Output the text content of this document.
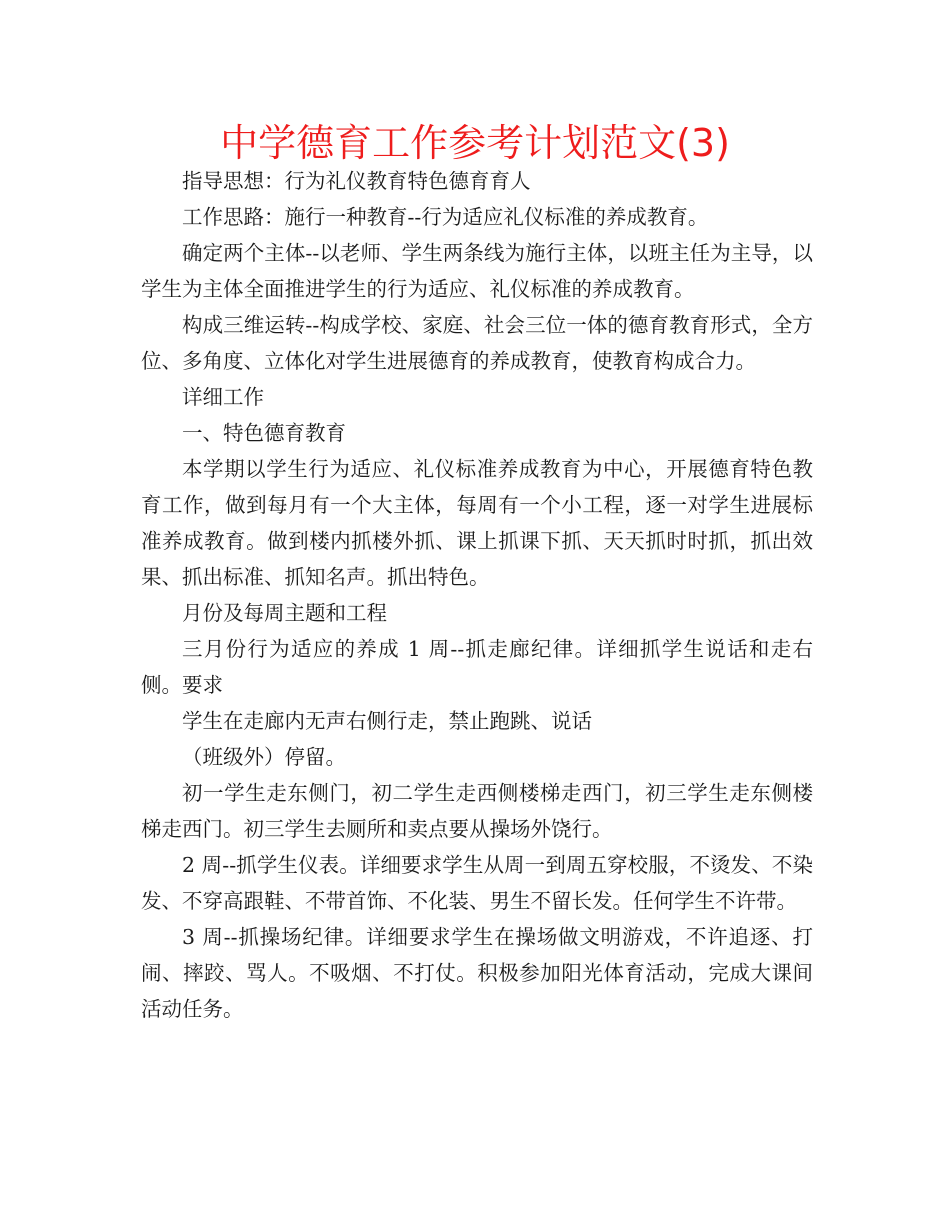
中学德育工作参考计划范文(3)

指导思想：行为礼仪教育特色德育育人

工作思路：施行一种教育--行为适应礼仪标准的养成教育。

确定两个主体--以老师、学生两条线为施行主体，以班主任为主导，以学生为主体全面推进学生的行为适应、礼仪标准的养成教育。

构成三维运转--构成学校、家庭、社会三位一体的德育教育形式，全方位、多角度、立体化对学生进展德育的养成教育，使教育构成合力。

详细工作

一、特色德育教育

本学期以学生行为适应、礼仪标准养成教育为中心，开展德育特色教育工作，做到每月有一个大主体，每周有一个小工程，逐一对学生进展标准养成教育。做到楼内抓楼外抓、课上抓课下抓、天天抓时时抓，抓出效果、抓出标准、抓知名声。抓出特色。

月份及每周主题和工程

三月份行为适应的养成 1 周--抓走廊纪律。详细抓学生说话和走右侧。要求

学生在走廊内无声右侧行走，禁止跑跳、说话

（班级外）停留。

初一学生走东侧门，初二学生走西侧楼梯走西门，初三学生走东侧楼梯走西门。初三学生去厕所和卖点要从操场外饶行。

2 周--抓学生仪表。详细要求学生从周一到周五穿校服，不烫发、不染发、不穿高跟鞋、不带首饰、不化装、男生不留长发。任何学生不许带。

3 周--抓操场纪律。详细要求学生在操场做文明游戏，不许追逐、打闹、摔跤、骂人。不吸烟、不打仗。积极参加阳光体育活动，完成大课间活动任务。
